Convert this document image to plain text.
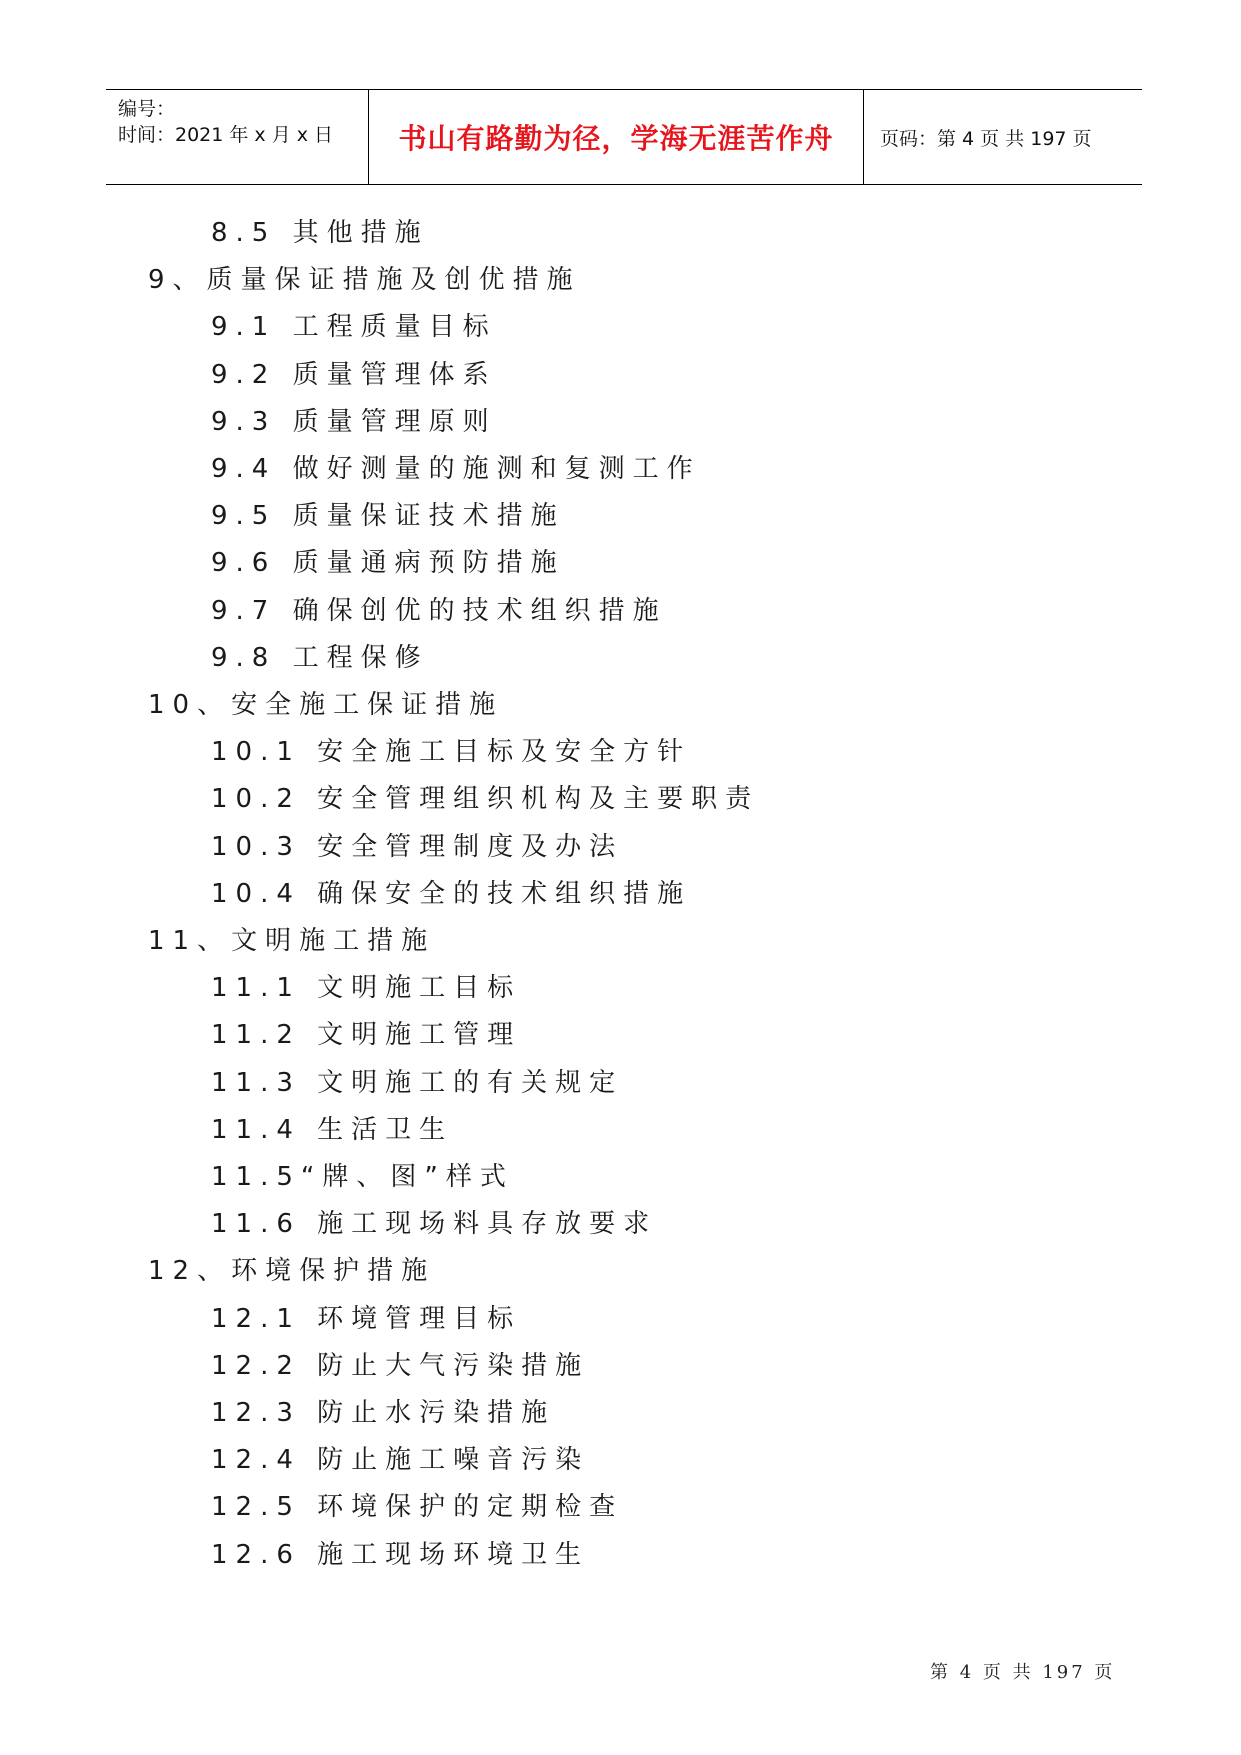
编号：
时间：2021 年 x 月 x 日 书山有路勤为径，学海无涯苦作舟 页码：第 4 页 共 197 页
8.5 其他措施
9、质量保证措施及创优措施
9.1 工程质量目标
9.2 质量管理体系
9.3 质量管理原则
9.4 做好测量的施测和复测工作
9.5 质量保证技术措施
9.6 质量通病预防措施
9.7 确保创优的技术组织措施
9.8 工程保修
10、安全施工保证措施
10.1 安全施工目标及安全方针
10.2 安全管理组织机构及主要职责
10.3 安全管理制度及办法
10.4 确保安全的技术组织措施
11、文明施工措施
11.1 文明施工目标
11.2 文明施工管理
11.3 文明施工的有关规定
11.4 生活卫生
11.5“牌、图”样式
11.6 施工现场料具存放要求
12、环境保护措施
12.1 环境管理目标
12.2 防止大气污染措施
12.3 防止水污染措施
12.4 防止施工噪音污染
12.5 环境保护的定期检查
12.6 施工现场环境卫生
第 4 页 共 197 页
